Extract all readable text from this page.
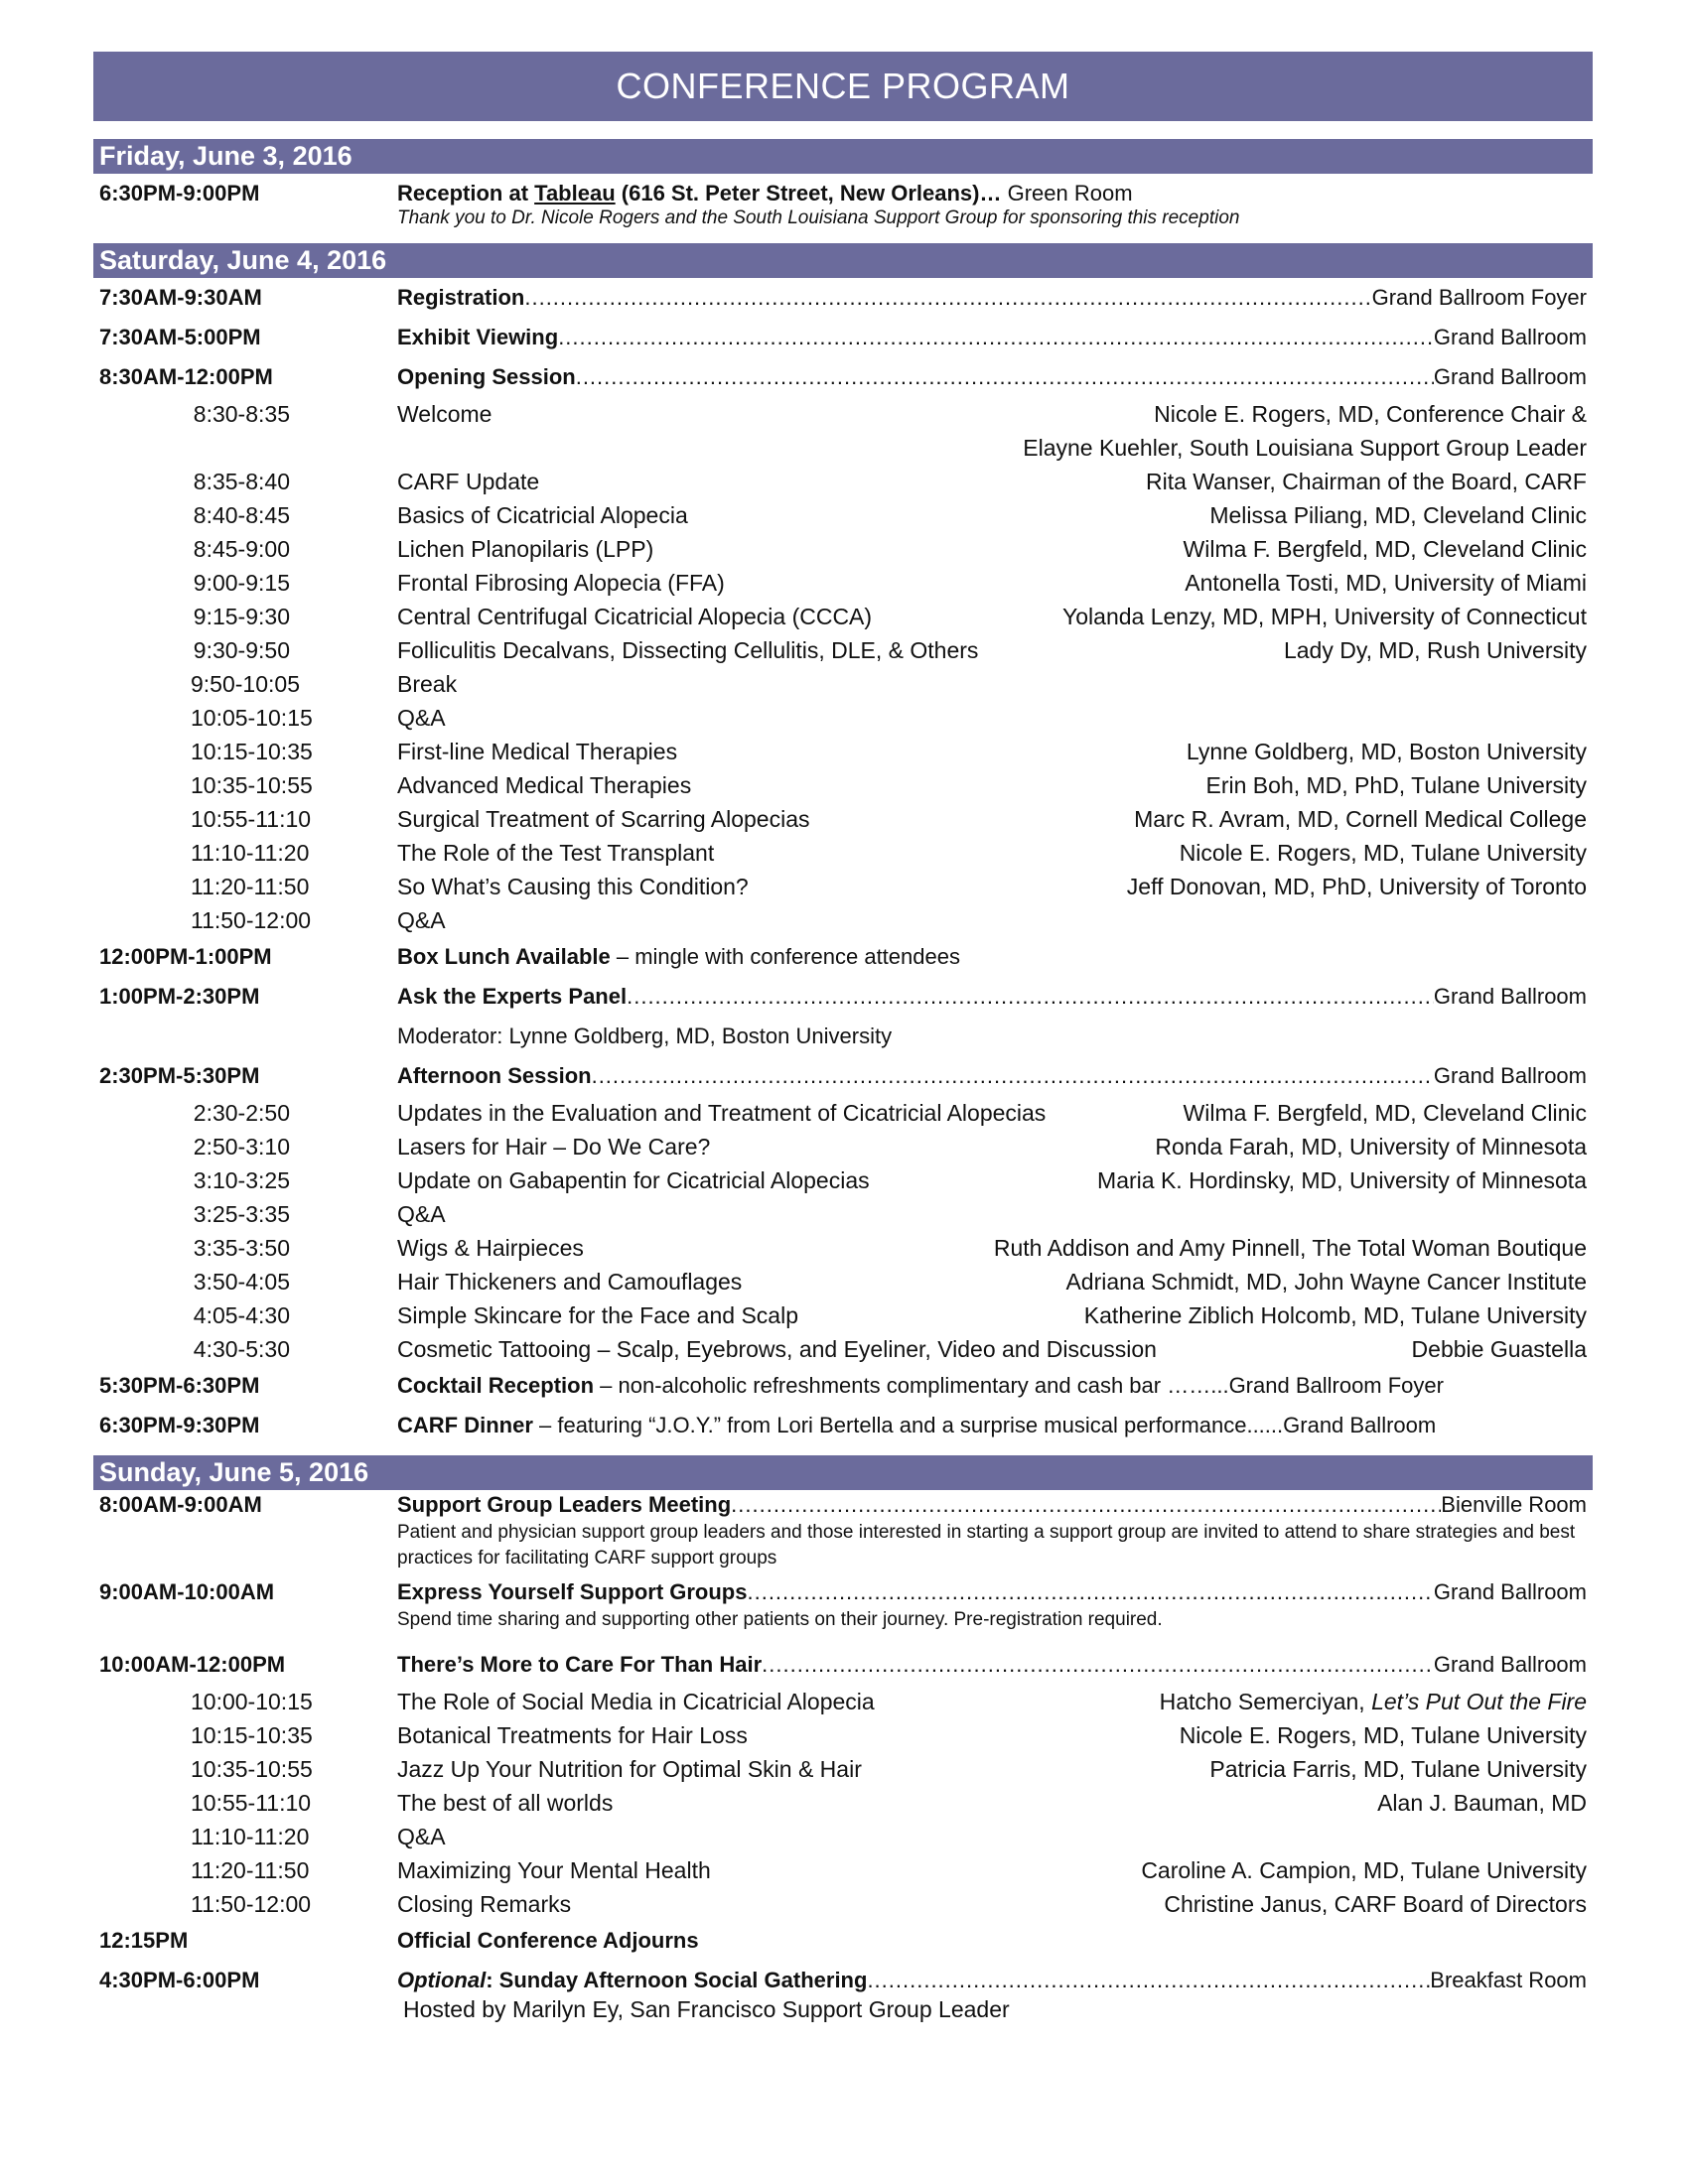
CONFERENCE PROGRAM
Friday, June 3, 2016
6:30PM-9:00PM	Reception at Tableau (616 St. Peter Street, New Orleans)… Green Room
Thank you to Dr. Nicole Rogers and the South Louisiana Support Group for sponsoring this reception
Saturday, June 4, 2016
7:30AM-9:30AM	Registration .....	Grand Ballroom Foyer
7:30AM-5:00PM	Exhibit Viewing .....	Grand Ballroom
8:30AM-12:00PM	Opening Session .....	Grand Ballroom
8:30-8:35	Welcome	Nicole E. Rogers, MD, Conference Chair &
Elayne Kuehler, South Louisiana Support Group Leader
8:35-8:40	CARF Update	Rita Wanser, Chairman of the Board, CARF
8:40-8:45	Basics of Cicatricial Alopecia	Melissa Piliang, MD, Cleveland Clinic
8:45-9:00	Lichen Planopilaris (LPP)	Wilma F. Bergfeld, MD, Cleveland Clinic
9:00-9:15	Frontal Fibrosing Alopecia (FFA)	Antonella Tosti, MD, University of Miami
9:15-9:30	Central Centrifugal Cicatricial Alopecia (CCCA)	Yolanda Lenzy, MD, MPH, University of Connecticut
9:30-9:50	Folliculitis Decalvans, Dissecting Cellulitis, DLE, & Others	Lady Dy, MD, Rush University
9:50-10:05	Break
10:05-10:15	Q&A
10:15-10:35	First-line Medical Therapies	Lynne Goldberg, MD, Boston University
10:35-10:55	Advanced Medical Therapies	Erin Boh, MD, PhD, Tulane University
10:55-11:10	Surgical Treatment of Scarring Alopecias	Marc R. Avram, MD, Cornell Medical College
11:10-11:20	The Role of the Test Transplant	Nicole E. Rogers, MD, Tulane University
11:20-11:50	So What’s Causing this Condition?	Jeff Donovan, MD, PhD, University of Toronto
11:50-12:00	Q&A
12:00PM-1:00PM	Box Lunch Available – mingle with conference attendees
1:00PM-2:30PM	Ask the Experts Panel .....	Grand Ballroom
Moderator: Lynne Goldberg, MD, Boston University
2:30PM-5:30PM	Afternoon Session .....	Grand Ballroom
2:30-2:50	Updates in the Evaluation and Treatment of Cicatricial Alopecias	Wilma F. Bergfeld, MD, Cleveland Clinic
2:50-3:10	Lasers for Hair – Do We Care?	Ronda Farah, MD, University of Minnesota
3:10-3:25	Update on Gabapentin for Cicatricial Alopecias	Maria K. Hordinsky, MD, University of Minnesota
3:25-3:35	Q&A
3:35-3:50	Wigs & Hairpieces	Ruth Addison and Amy Pinnell, The Total Woman Boutique
3:50-4:05	Hair Thickeners and Camouflages	Adriana Schmidt, MD, John Wayne Cancer Institute
4:05-4:30	Simple Skincare for the Face and Scalp	Katherine Ziblich Holcomb, MD, Tulane University
4:30-5:30	Cosmetic Tattooing – Scalp, Eyebrows, and Eyeliner, Video and Discussion	Debbie Guastella
5:30PM-6:30PM	Cocktail Reception – non-alcoholic refreshments complimentary and cash bar ……...Grand Ballroom Foyer
6:30PM-9:30PM	CARF Dinner – featuring “J.O.Y.” from Lori Bertella and a surprise musical performance......Grand Ballroom
Sunday, June 5, 2016
8:00AM-9:00AM	Support Group Leaders Meeting .....	Bienville Room
Patient and physician support group leaders and those interested in starting a support group are invited to attend to share strategies and best practices for facilitating CARF support groups
9:00AM-10:00AM	Express Yourself Support Groups .....	Grand Ballroom
Spend time sharing and supporting other patients on their journey. Pre-registration required.
10:00AM-12:00PM	There’s More to Care For Than Hair .....	Grand Ballroom
10:00-10:15	The Role of Social Media in Cicatricial Alopecia	Hatcho Semerciyan, Let’s Put Out the Fire
10:15-10:35	Botanical Treatments for Hair Loss	Nicole E. Rogers, MD, Tulane University
10:35-10:55	Jazz Up Your Nutrition for Optimal Skin & Hair	Patricia Farris, MD, Tulane University
10:55-11:10	The best of all worlds	Alan J. Bauman, MD
11:10-11:20	Q&A
11:20-11:50	Maximizing Your Mental Health	Caroline A. Campion, MD, Tulane University
11:50-12:00	Closing Remarks	Christine Janus, CARF Board of Directors
12:15PM	Official Conference Adjourns
4:30PM-6:00PM	Optional : Sunday Afternoon Social Gathering .....	Breakfast Room
Hosted by Marilyn Ey, San Francisco Support Group Leader
